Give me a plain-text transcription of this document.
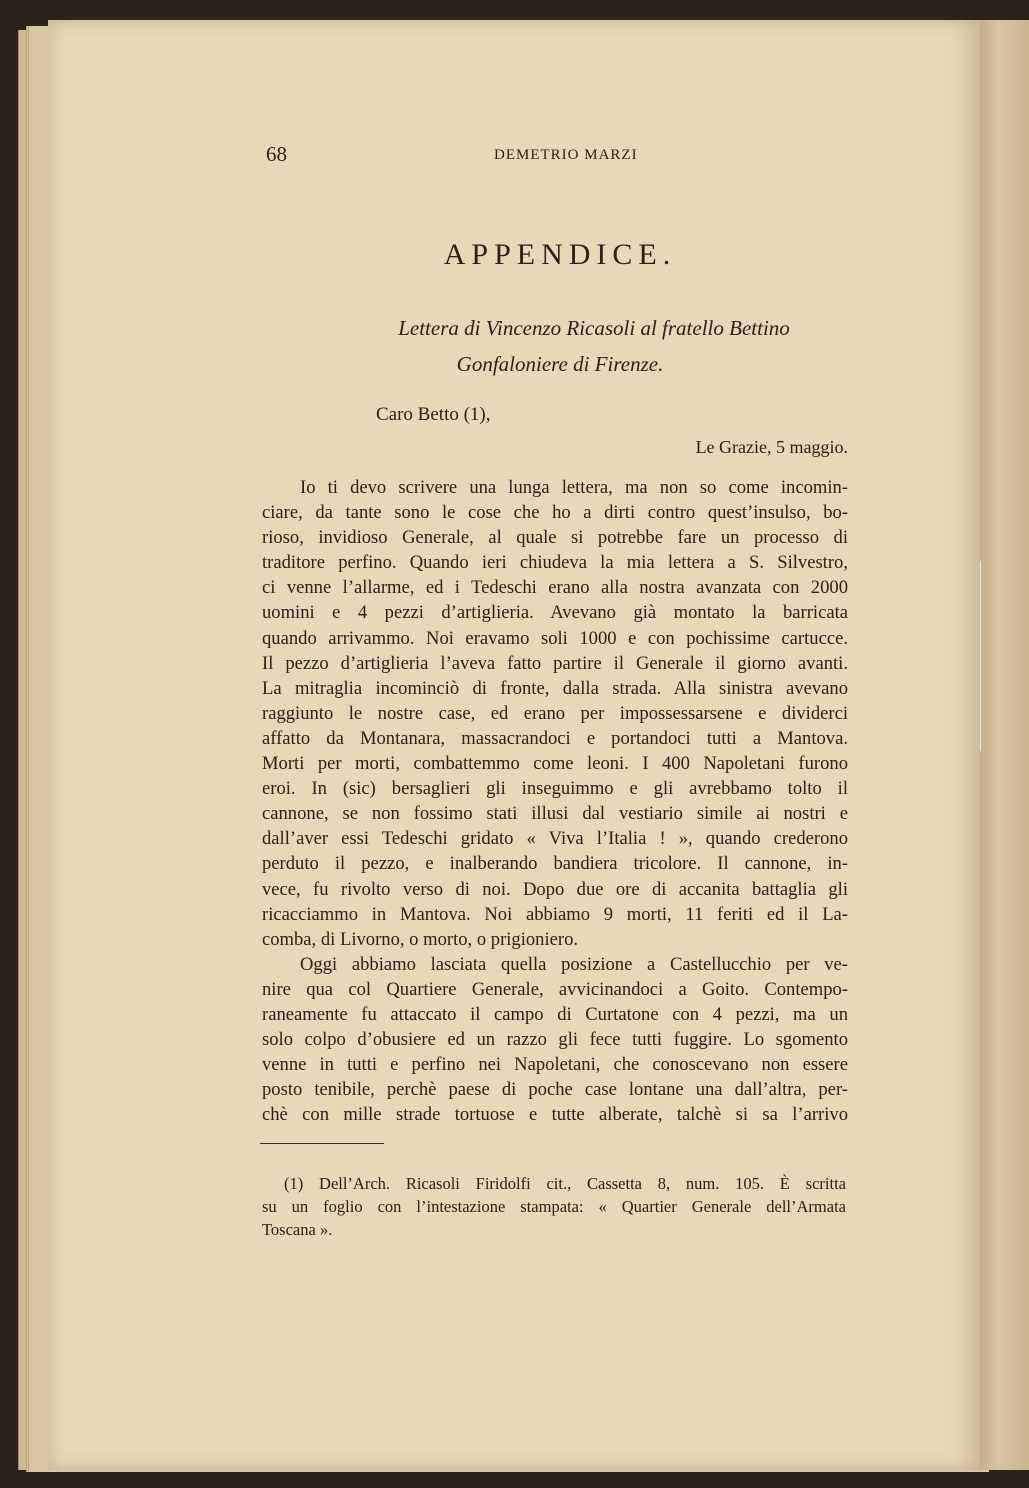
68	DEMETRIO MARZI
APPENDICE.
Lettera di Vincenzo Ricasoli al fratello Bettino
Gonfaloniere di Firenze.
Caro Betto (1),
Le Grazie, 5 maggio.
Io ti devo scrivere una lunga lettera, ma non so come incomin-
ciare, da tante sono le cose che ho a dirti contro quest’insulso, bo-
rioso, invidioso Generale, al quale si potrebbe fare un processo di
traditore perfino. Quando ieri chiudeva la mia lettera a S. Silvestro,
ci venne l’allarme, ed i Tedeschi erano alla nostra avanzata con 2000
uomini e 4 pezzi d’artiglieria. Avevano già montato la barricata
quando arrivammo. Noi eravamo soli 1000 e con pochissime cartucce.
Il pezzo d’artiglieria l’aveva fatto partire il Generale il giorno avanti.
La mitraglia incominciò di fronte, dalla strada. Alla sinistra avevano
raggiunto le nostre case, ed erano per impossessarsene e dividerci
affatto da Montanara, massacrandoci e portandoci tutti a Mantova.
Morti per morti, combattemmo come leoni. I 400 Napoletani furono
eroi. In (sic) bersaglieri gli inseguimmo e gli avrebbamo tolto il
cannone, se non fossimo stati illusi dal vestiario simile ai nostri e
dall’aver essi Tedeschi gridato « Viva l’Italia ! », quando crederono
perduto il pezzo, e inalberando bandiera tricolore. Il cannone, in-
vece, fu rivolto verso di noi. Dopo due ore di accanita battaglia gli
ricacciammo in Mantova. Noi abbiamo 9 morti, 11 feriti ed il La-
comba, di Livorno, o morto, o prigioniero.
Oggi abbiamo lasciata quella posizione a Castellucchio per ve-
nire qua col Quartiere Generale, avvicinandoci a Goito. Contempo-
raneamente fu attaccato il campo di Curtatone con 4 pezzi, ma un
solo colpo d’obusiere ed un razzo gli fece tutti fuggire. Lo sgomento
venne in tutti e perfino nei Napoletani, che conoscevano non essere
posto tenibile, perchè paese di poche case lontane una dall’altra, per-
chè con mille strade tortuose e tutte alberate, talchè si sa l’arrivo
(1) Dell’Arch. Ricasoli Firidolfi cit., Cassetta 8, num. 105. È scritta
su un foglio con l’intestazione stampata: « Quartier Generale dell’Armata
Toscana ».
